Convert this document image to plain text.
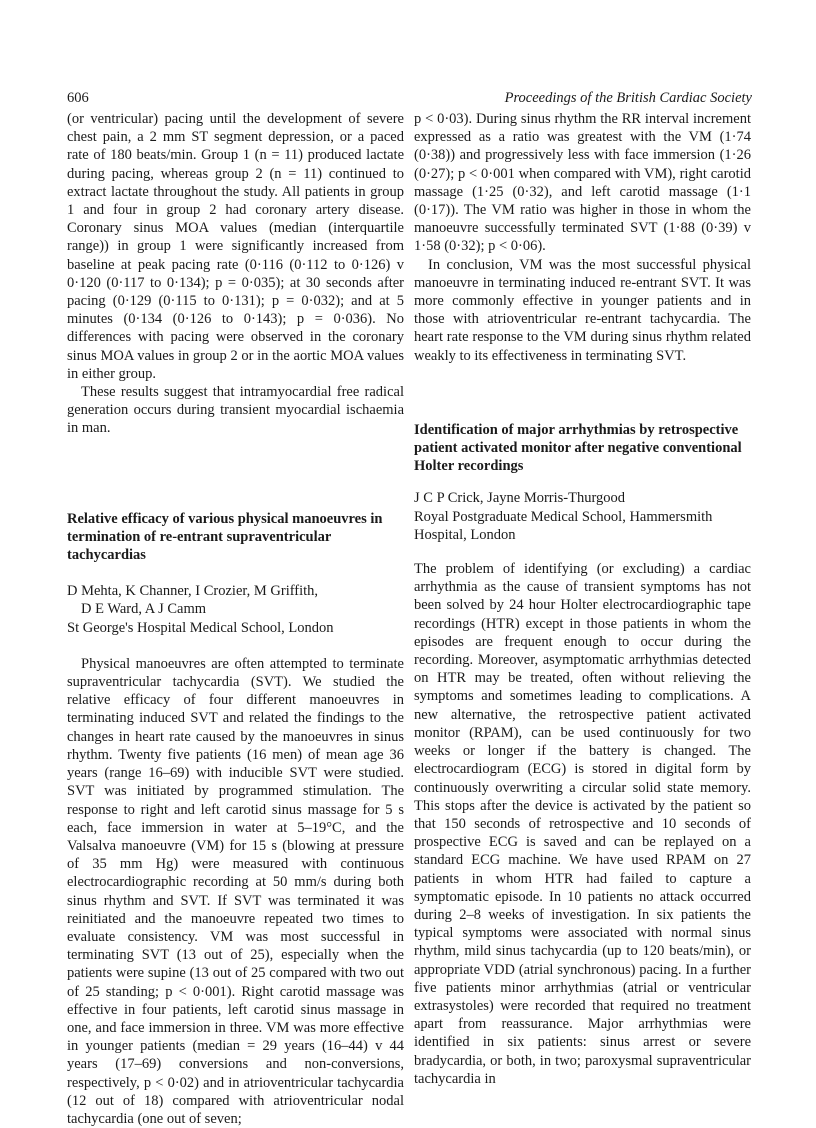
606	Proceedings of the British Cardiac Society

(or ventricular) pacing until the development of severe chest pain, a 2 mm ST segment depression, or a paced rate of 180 beats/min. Group 1 (n = 11) produced lactate during pacing, whereas group 2 (n = 11) continued to extract lactate throughout the study. All patients in group 1 and four in group 2 had coronary artery disease. Coronary sinus MOA values (median (interquartile range)) in group 1 were significantly increased from baseline at peak pacing rate (0·116 (0·112 to 0·126) v 0·120 (0·117 to 0·134); p = 0·035); at 30 seconds after pacing (0·129 (0·115 to 0·131); p = 0·032); and at 5 minutes (0·134 (0·126 to 0·143); p = 0·036). No differences with pacing were observed in the coronary sinus MOA values in group 2 or in the aortic MOA values in either group.

These results suggest that intramyocardial free radical generation occurs during transient myocardial ischaemia in man.

Relative efficacy of various physical manoeuvres in termination of re-entrant supraventricular tachycardias

D Mehta, K Channer, I Crozier, M Griffith,

D E Ward, A J Camm

St George's Hospital Medical School, London

Physical manoeuvres are often attempted to terminate supraventricular tachycardia (SVT). We studied the relative efficacy of four different manoeuvres in terminating induced SVT and related the findings to the changes in heart rate caused by the manoeuvres in sinus rhythm. Twenty five patients (16 men) of mean age 36 years (range 16–69) with inducible SVT were studied. SVT was initiated by programmed stimulation. The response to right and left carotid sinus massage for 5 s each, face immersion in water at 5–19°C, and the Valsalva manoeuvre (VM) for 15 s (blowing at pressure of 35 mm Hg) were measured with continuous electrocardiographic recording at 50 mm/s during both sinus rhythm and SVT. If SVT was terminated it was reinitiated and the manoeuvre repeated two times to evaluate consistency. VM was most successful in terminating SVT (13 out of 25), especially when the patients were supine (13 out of 25 compared with two out of 25 standing; p < 0·001). Right carotid massage was effective in four patients, left carotid sinus massage in one, and face immersion in three. VM was more effective in younger patients (median = 29 years (16–44) v 44 years (17–69) conversions and non-conversions, respectively, p < 0·02) and in atrioventricular tachycardia (12 out of 18) compared with atrioventricular nodal tachycardia (one out of seven;

p < 0·03). During sinus rhythm the RR interval increment expressed as a ratio was greatest with the VM (1·74 (0·38)) and progressively less with face immersion (1·26 (0·27); p < 0·001 when compared with VM), right carotid massage (1·25 (0·32), and left carotid massage (1·1 (0·17)). The VM ratio was higher in those in whom the manoeuvre successfully terminated SVT (1·88 (0·39) v 1·58 (0·32); p < 0·06).

In conclusion, VM was the most successful physical manoeuvre in terminating induced re-entrant SVT. It was more commonly effective in younger patients and in those with atrioventricular re-entrant tachycardia. The heart rate response to the VM during sinus rhythm related weakly to its effectiveness in terminating SVT.

Identification of major arrhythmias by retrospective patient activated monitor after negative conventional Holter recordings

J C P Crick, Jayne Morris-Thurgood

Royal Postgraduate Medical School, Hammersmith Hospital, London

The problem of identifying (or excluding) a cardiac arrhythmia as the cause of transient symptoms has not been solved by 24 hour Holter electrocardiographic tape recordings (HTR) except in those patients in whom the episodes are frequent enough to occur during the recording. Moreover, asymptomatic arrhythmias detected on HTR may be treated, often without relieving the symptoms and sometimes leading to complications. A new alternative, the retrospective patient activated monitor (RPAM), can be used continuously for two weeks or longer if the battery is changed. The electrocardiogram (ECG) is stored in digital form by continuously overwriting a circular solid state memory. This stops after the device is activated by the patient so that 150 seconds of retrospective and 10 seconds of prospective ECG is saved and can be replayed on a standard ECG machine. We have used RPAM on 27 patients in whom HTR had failed to capture a symptomatic episode. In 10 patients no attack occurred during 2–8 weeks of investigation. In six patients the typical symptoms were associated with normal sinus rhythm, mild sinus tachycardia (up to 120 beats/min), or appropriate VDD (atrial synchronous) pacing. In a further five patients minor arrhythmias (atrial or ventricular extrasystoles) were recorded that required no treatment apart from reassurance. Major arrhythmias were identified in six patients: sinus arrest or severe bradycardia, or both, in two; paroxysmal supraventricular tachycardia in
